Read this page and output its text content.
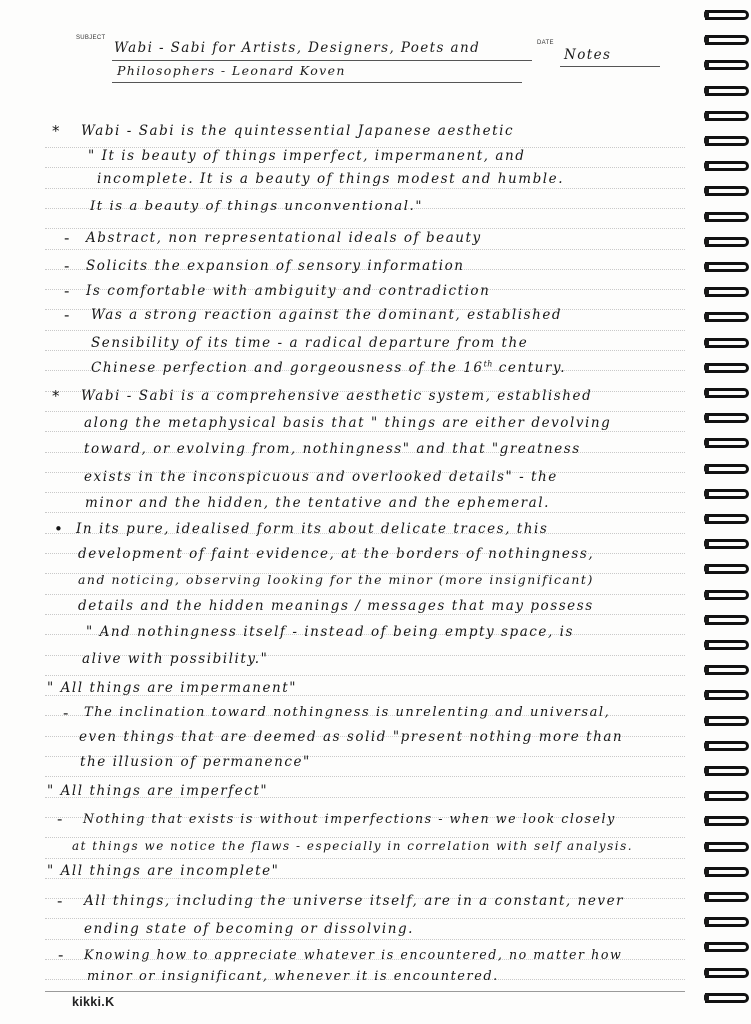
SUBJECT
DATE
Wabi - Sabi for Artists, Designers, Poets and
Philosophers - Leonard Koven
Notes
* Wabi - Sabi is the quintessential Japanese aesthetic
" It is beauty of things imperfect, impermanent, and
incomplete. It is a beauty of things modest and humble.
It is a beauty of things unconventional."
- Abstract, non representational ideals of beauty
- Solicits the expansion of sensory information
- Is comfortable with ambiguity and contradiction
- Was a strong reaction against the dominant, established
Sensibility of its time - a radical departure from the
Chinese perfection and gorgeousness of the 16th century.
* Wabi - Sabi is a comprehensive aesthetic system, established
along the metaphysical basis that " things are either devolving
toward, or evolving from, nothingness" and that "greatness
exists in the inconspicuous and overlooked details" - the
minor and the hidden, the tentative and the ephemeral.
• In its pure, idealised form its about delicate traces, this
development of faint evidence, at the borders of nothingness,
and noticing, observing looking for the minor (more insignificant)
details and the hidden meanings / messages that may possess
" And nothingness itself - instead of being empty space, is
alive with possibility."
" All things are impermanent"
- The inclination toward nothingness is unrelenting and universal,
even things that are deemed as solid "present nothing more than
the illusion of permanence"
" All things are imperfect"
- Nothing that exists is without imperfections - when we look closely
at things we notice the flaws - especially in correlation with self analysis.
" All things are incomplete"
- All things, including the universe itself, are in a constant, never
ending state of becoming or dissolving.
- Knowing how to appreciate whatever is encountered, no matter how
minor or insignificant, whenever it is encountered.
kikki.K
